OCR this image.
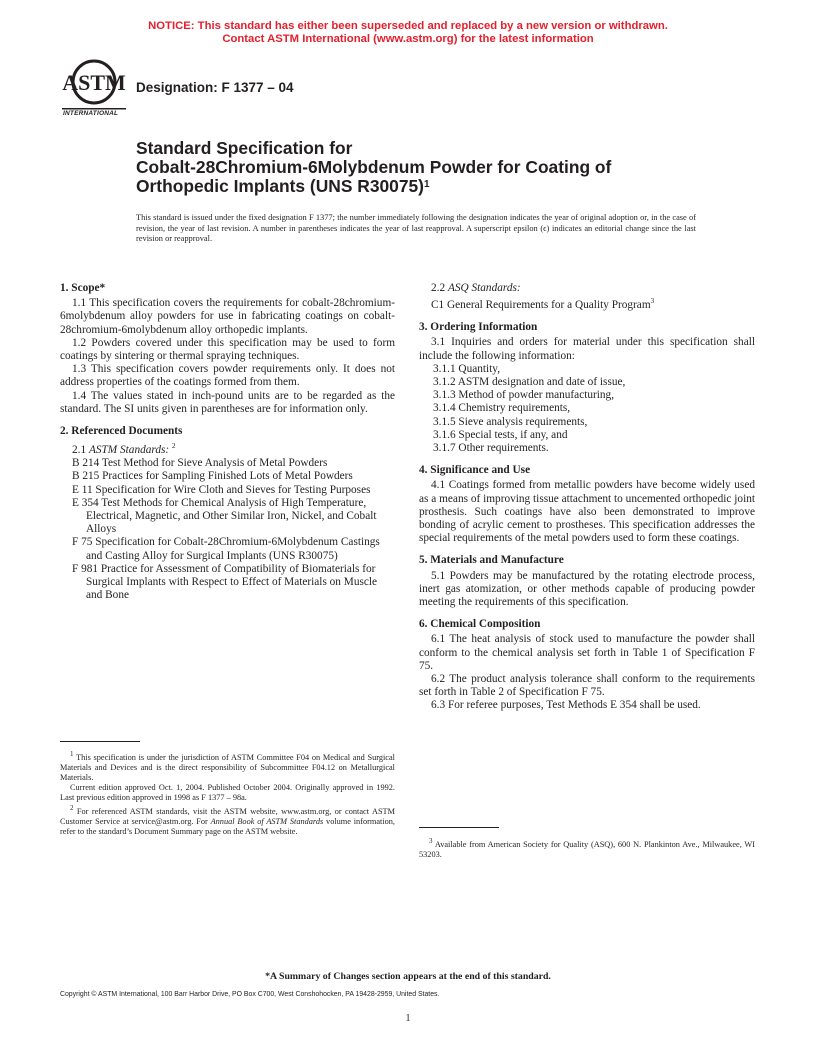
NOTICE: This standard has either been superseded and replaced by a new version or withdrawn.
Contact ASTM International (www.astm.org) for the latest information
ASTM
INTERNATIONAL
Designation: F 1377 – 04
Standard Specification for
Cobalt-28Chromium-6Molybdenum Powder for Coating of
Orthopedic Implants (UNS R30075)$^1$
This standard is issued under the fixed designation F 1377; the number immediately following the designation indicates the year of original adoption or, in the case of revision, the year of last revision. A number in parentheses indicates the year of last reapproval. A superscript epsilon (ϵ) indicates an editorial change since the last revision or reapproval.
1. Scope*

1.1 This specification covers the requirements for cobalt-28chromium-6molybdenum alloy powders for use in fabricating coatings on cobalt-28chromium-6molybdenum alloy orthopedic implants.

1.2 Powders covered under this specification may be used to form coatings by sintering or thermal spraying techniques.

1.3 This specification covers powder requirements only. It does not address properties of the coatings formed from them.

1.4 The values stated in inch-pound units are to be regarded as the standard. The SI units given in parentheses are for information only.

2. Referenced Documents
2.1 ASTM Standards: $^2$
B 214 Test Method for Sieve Analysis of Metal Powders
B 215 Practices for Sampling Finished Lots of Metal Powders
E 11 Specification for Wire Cloth and Sieves for Testing Purposes
E 354 Test Methods for Chemical Analysis of High Temperature, Electrical, Magnetic, and Other Similar Iron, Nickel, and Cobalt Alloys
F 75 Specification for Cobalt-28Chromium-6Molybdenum Castings and Casting Alloy for Surgical Implants (UNS R30075)
F 981 Practice for Assessment of Compatibility of Biomaterials for Surgical Implants with Respect to Effect of Materials on Muscle and Bone

$^1$ This specification is under the jurisdiction of ASTM Committee F04 on Medical and Surgical Materials and Devices and is the direct responsibility of Subcommittee F04.12 on Metallurgical Materials.

Current edition approved Oct. 1, 2004. Published October 2004. Originally approved in 1992. Last previous edition approved in 1998 as F 1377 – 98a.

$^2$ For referenced ASTM standards, visit the ASTM website, www.astm.org, or contact ASTM Customer Service at service@astm.org. For Annual Book of ASTM Standards volume information, refer to the standard’s Document Summary page on the ASTM website.

2.2 ASQ Standards:
C1 General Requirements for a Quality Program$^3$
3. Ordering Information

3.1 Inquiries and orders for material under this specification shall include the following information:

3.1.1 Quantity,
3.1.2 ASTM designation and date of issue,
3.1.3 Method of powder manufacturing,
3.1.4 Chemistry requirements,
3.1.5 Sieve analysis requirements,
3.1.6 Special tests, if any, and
3.1.7 Other requirements.
4. Significance and Use

4.1 Coatings formed from metallic powders have become widely used as a means of improving tissue attachment to uncemented orthopedic joint prosthesis. Such coatings have also been demonstrated to improve bonding of acrylic cement to prostheses. This specification addresses the special requirements of the metal powders used to form these coatings.

5. Materials and Manufacture

5.1 Powders may be manufactured by the rotating electrode process, inert gas atomization, or other methods capable of producing powder meeting the requirements of this specification.

6. Chemical Composition

6.1 The heat analysis of stock used to manufacture the powder shall conform to the chemical analysis set forth in Table 1 of Specification F 75.

6.2 The product analysis tolerance shall conform to the requirements set forth in Table 2 of Specification F 75.

6.3 For referee purposes, Test Methods E 354 shall be used.

$^3$ Available from American Society for Quality (ASQ), 600 N. Plankinton Ave., Milwaukee, WI 53203.

*A Summary of Changes section appears at the end of this standard.
Copyright © ASTM International, 100 Barr Harbor Drive, PO Box C700, West Conshohocken, PA 19428-2959, United States.
1
